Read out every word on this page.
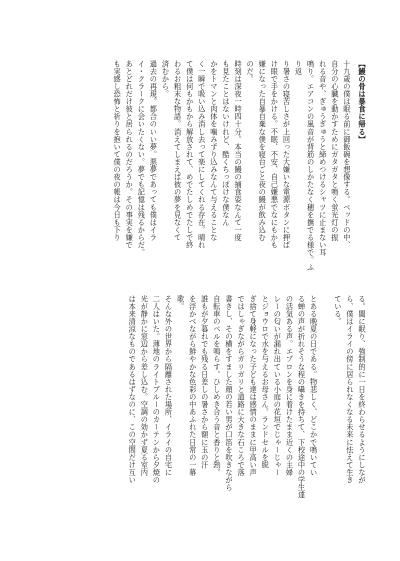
【鰻の骨は暴食に帰る】
十九歳の僕は眠る前に御飯碗を想像する。ベッドの中、
自分の心臓を動かすためにガタガタと鳴く蛍光灯の振
れる音や、ぎゅうぎゅうと締めつけるシャツに止まない耳
鳴り。エアコンの風音が背筋のしかたなく穂を撫でる様で。ふり返
り暑さの寝苦しさが上回った大嫌いな電源ボタンに押ば
け眼で手をかける。不眠、不安、自己嫌悪でなにもかも
嫌になった自暴自棄な僕を寝台ごと夜の鰻が飲み込む
のだ。
時刻は深夜一時四十分。本当の鰻の捕食姿なんて一度
も見たことはないけれど、酷くちっぽけな僕なん
かをトマンと肉体を噛みずり込みなんて与えることな
く一瞬で吸い込み消し去って楽にしてくれる存在。晴れ
て僕は何もかもから解放されて、めでたしめでたしで終
わるお粗末な物語。消えてしまえば彼の夢を見なくて
済むから。
過去の再現。都合のいい夢。悪夢であっても僕はイラ
イ・クラークに会いたくない。夢でも記憶は残るからだ。
あとどれだけ彼と居られるのだろうか。その事実を嫌で
も実感し恐怖と祈りを抱いて僕の夜の帳は今日も下り
る。闇に眠り、強制的に一日を終わらせるようにしなが
ら、僕はイライの傍に居られなくなる未来に怯えて生き
ている。

とある晩夏の日である。物悲しく、どこかで鳴いてい
る蝉の声が折れそうな程の囁きを持ちて、下校途中の学生達
の活気ある声。エプロンを身に着けたまま近くの主婦
レーの匂いが漏れ出ている小庭の花垣でじゃーじゃー
とジョウロで水を与えるお母さん。ランドセルを脱
ぎ捨て身軽になった子ども達は感情のままに甲高い声
ではしゃぎながらガリガリと道路に大きな石ころで落
書きし、その横をすました顔の若い男が口笛を吹きながら
自転車のベルを鳴らす。ひしめき合う音と香りと熱。
誰もが夕暮れでも残る日差しの暑さから額に玉の汗
を浮かべながら鮮やかな色彩の中あふれた日常の一幕
歌。
そんな外の世界から隔離された場所、イライの自宅に
二人はいた。薄地のライトブルーのカーテンから夕焼の
光が静かに窓辺から差し込む。空調の効かず夏る室内
は本来清涼なものであるはずなのに、この空間だけ互い
